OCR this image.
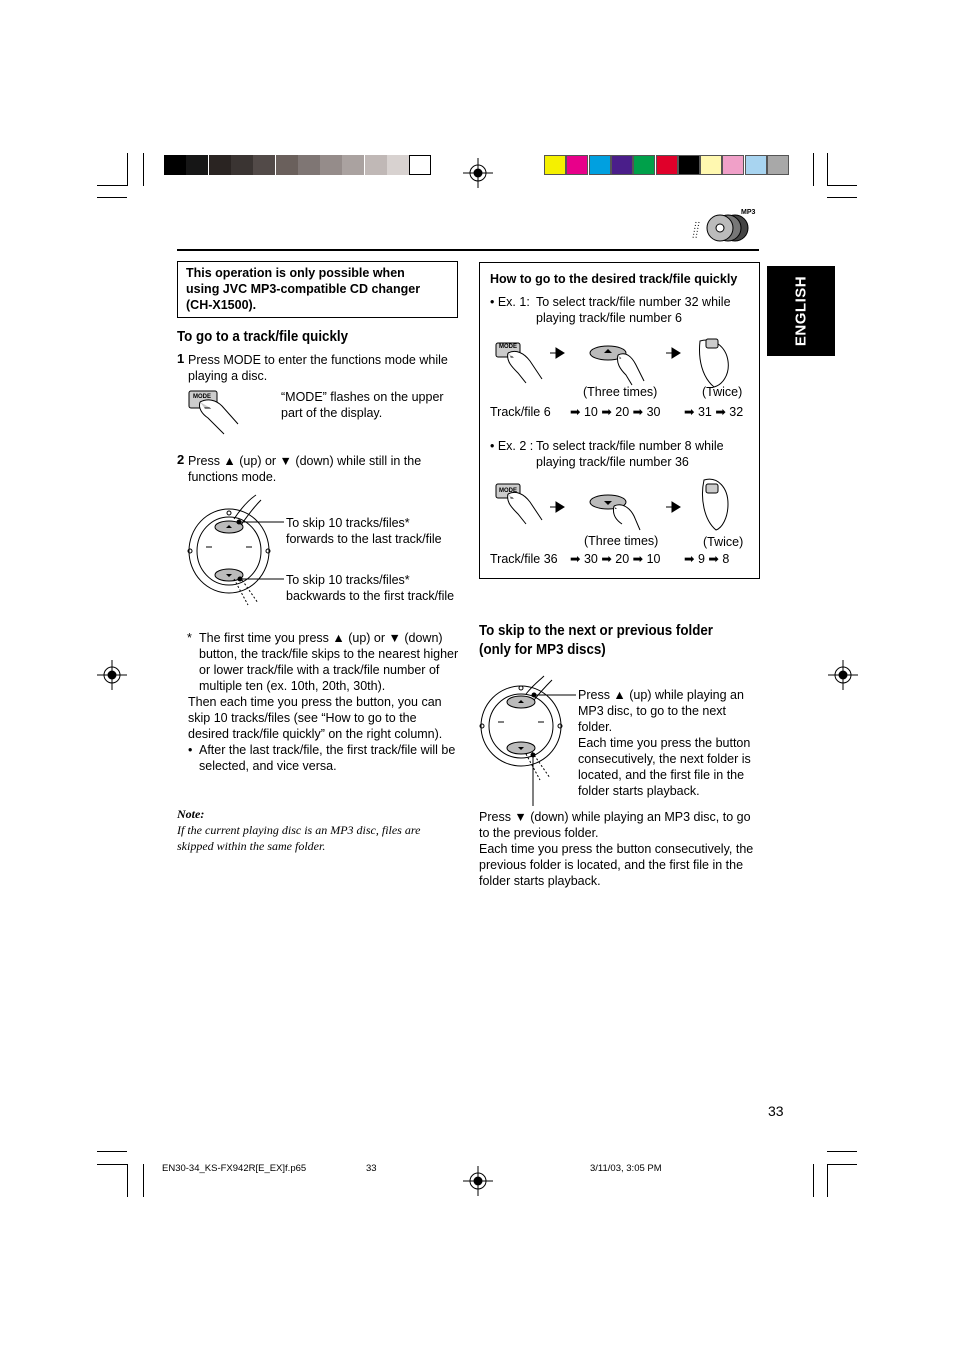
MP3
ENGLISH
This operation is only possible when using JVC MP3-compatible CD changer (CH-X1500).
To go to a track/file quickly
1 Press MODE to enter the functions mode while playing a disc.
MODE	“MODE” flashes on the upper part of the display.
2 Press ▲ (up) or ▼ (down) while still in the functions mode.
To skip 10 tracks/files* forwards to the last track/file
To skip 10 tracks/files* backwards to the first track/file
* The first time you press ▲ (up) or ▼ (down) button, the track/file skips to the nearest higher or lower track/file with a track/file number of multiple ten (ex. 10th, 20th, 30th).
Then each time you press the button, you can skip 10 tracks/files (see “How to go to the desired track/file quickly” on the right column).
• After the last track/file, the first track/file will be selected, and vice versa.
Note:
If the current playing disc is an MP3 disc, files are skipped within the same folder.
How to go to the desired track/file quickly
• Ex. 1: To select track/file number 32 while playing track/file number 6
MODE
(Three times)	(Twice)
Track/file 6 ➡ 10 ➡ 20 ➡ 30 ➡ 31 ➡ 32
• Ex. 2 : To select track/file number 8 while playing track/file number 36
MODE
(Three times)	(Twice)
Track/file 36 ➡ 30 ➡ 20 ➡ 10 ➡ 9 ➡ 8
To skip to the next or previous folder (only for MP3 discs)
Press ▲ (up) while playing an MP3 disc, to go to the next folder.
Each time you press the button consecutively, the next folder is located, and the first file in the folder starts playback.
Press ▼ (down) while playing an MP3 disc, to go to the previous folder.
Each time you press the button consecutively, the previous folder is located, and the first file in the folder starts playback.
33
EN30-34_KS-FX942R[E_EX]f.p65	33	3/11/03, 3:05 PM
